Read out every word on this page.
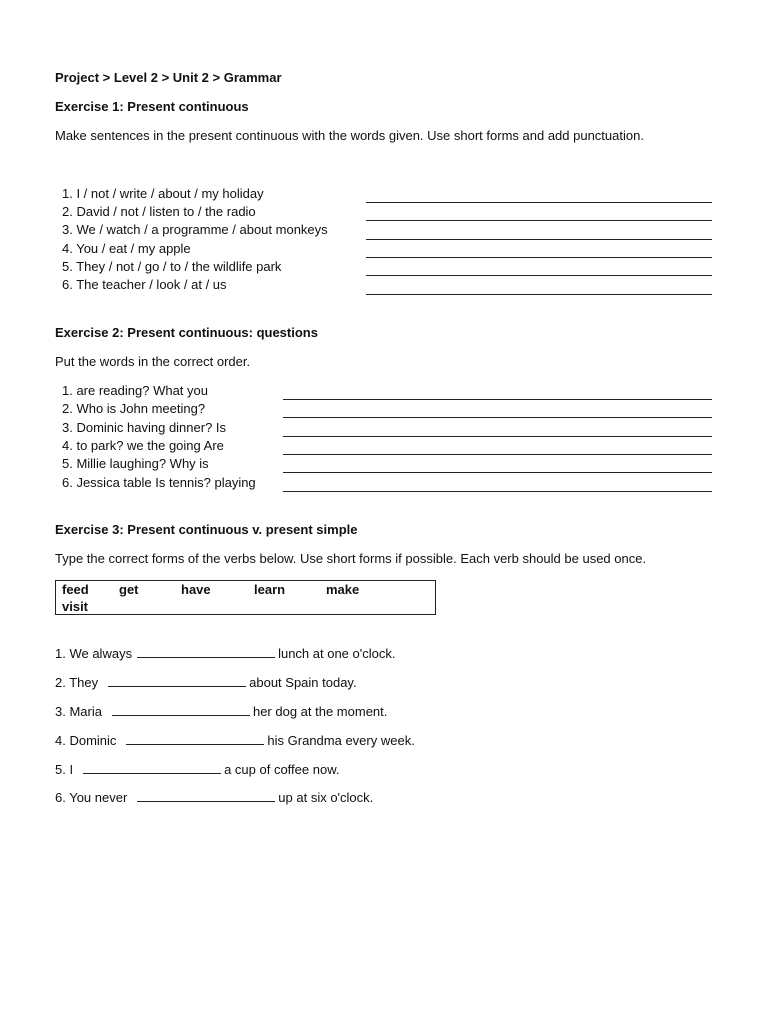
Project > Level 2 > Unit 2 > Grammar
Exercise 1: Present continuous
Make sentences in the present continuous with the words given. Use short forms and add punctuation.
1. I / not / write / about / my holiday
2. David / not / listen to / the radio
3. We / watch / a programme / about monkeys
4. You / eat / my apple
5. They / not / go / to / the wildlife park
6. The teacher / look / at / us
Exercise 2: Present continuous: questions
Put the words in the correct order.
1. are reading? What you
2. Who is John meeting?
3. Dominic having dinner? Is
4. to park? we the going Are
5. Millie laughing? Why is
6. Jessica table Is tennis? playing
Exercise 3: Present continuous v. present simple
Type the correct forms of the verbs below. Use short forms if possible. Each verb should be used once.
feed get	have	learn	make
visit
1. We always	lunch at one o'clock.
2. They	about Spain today.
3. Maria	her dog at the moment.
4. Dominic	his Grandma every week.
5. I	a cup of coffee now.
6. You never	up at six o'clock.
